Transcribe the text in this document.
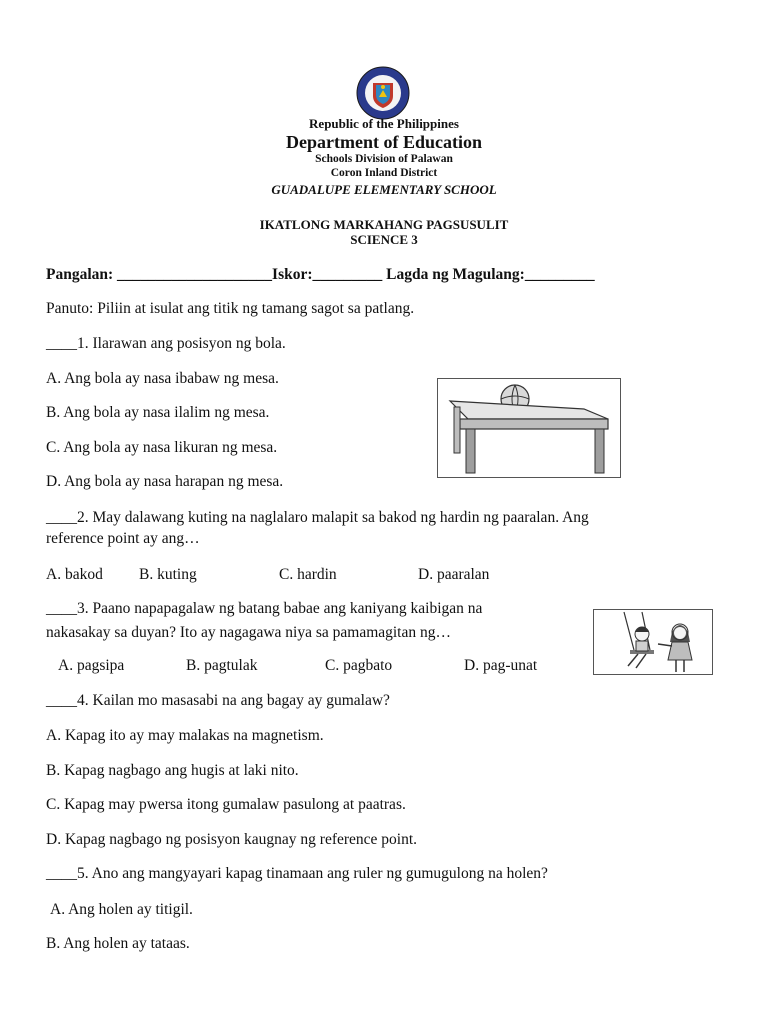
Republic of the Philippines
Department of Education
Schools Division of Palawan
Coron Inland District
GUADALUPE ELEMENTARY SCHOOL
IKATLONG MARKAHANG PAGSUSULIT
SCIENCE 3
Pangalan: ____________________Iskor:_________ Lagda ng Magulang:_________
Panuto: Piliin at isulat ang titik ng tamang sagot sa patlang.
____1. Ilarawan ang posisyon ng bola.
A. Ang bola ay nasa ibabaw ng mesa.
B. Ang bola ay nasa ilalim ng mesa.
C. Ang bola ay nasa likuran ng mesa.
D. Ang bola ay nasa harapan ng mesa.
____2. May dalawang kuting na naglalaro malapit sa bakod ng hardin ng paaralan. Ang
reference point ay ang…
A. bakod B. kuting	C. hardin	D. paaralan
____3. Paano napapagalaw ng batang babae ang kaniyang kaibigan na
nakasakay sa duyan? Ito ay nagagawa niya sa pamamagitan ng…
A. pagsipa	B. pagtulak	C. pagbato	D. pag-unat
____4. Kailan mo masasabi na ang bagay ay gumalaw?
A. Kapag ito ay may malakas na magnetism.
B. Kapag nagbago ang hugis at laki nito.
C. Kapag may pwersa itong gumalaw pasulong at paatras.
D. Kapag nagbago ng posisyon kaugnay ng reference point.
____5. Ano ang mangyayari kapag tinamaan ang ruler ng gumugulong na holen?
A. Ang holen ay titigil.
B. Ang holen ay tataas.
